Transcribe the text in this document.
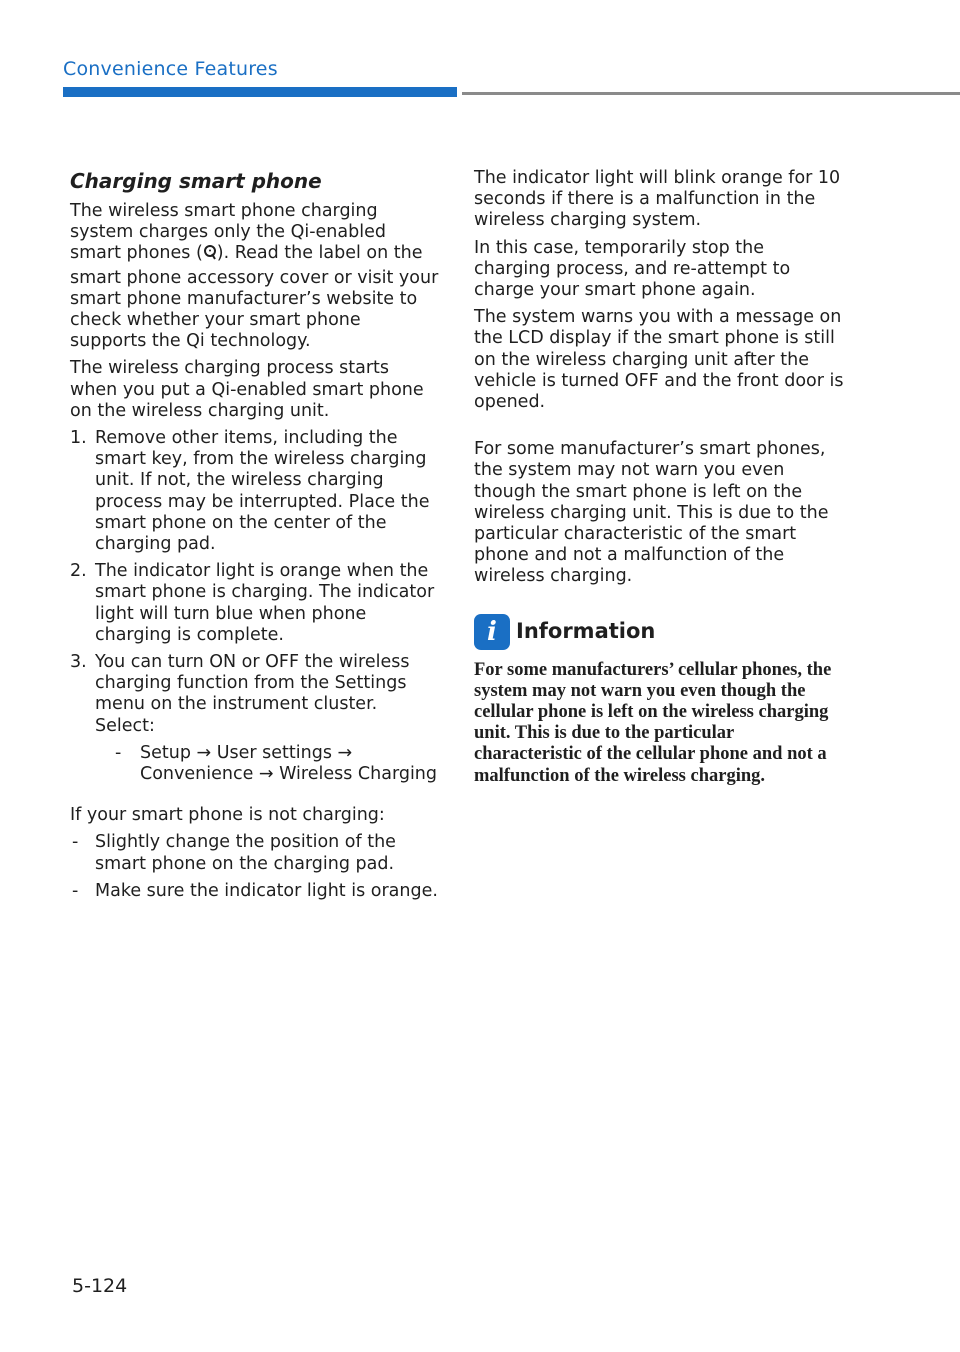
Convenience Features
Charging smart phone

The wireless smart phone charging system charges only the Qi-enabled smart phones ( ). Read the label on the smart phone accessory cover or visit your smart phone manufacturer’s website to check whether your smart phone supports the Qi technology.

The wireless charging process starts when you put a Qi-enabled smart phone on the wireless charging unit.

1. Remove other items, including the smart key, from the wireless charging unit. If not, the wireless charging process may be interrupted. Place the smart phone on the center of the charging pad.
2. The indicator light is orange when the smart phone is charging. The indicator light will turn blue when phone charging is complete.
3. You can turn ON or OFF the wireless charging function from the Settings menu on the instrument cluster. Select:
- Setup → User settings → Convenience → Wireless Charging

If your smart phone is not charging:

- Slightly change the position of the smart phone on the charging pad.
- Make sure the indicator light is orange.

The indicator light will blink orange for 10 seconds if there is a malfunction in the wireless charging system.

In this case, temporarily stop the charging process, and re-attempt to charge your smart phone again.

The system warns you with a message on the LCD display if the smart phone is still on the wireless charging unit after the vehicle is turned OFF and the front door is opened.

For some manufacturer’s smart phones, the system may not warn you even though the smart phone is left on the wireless charging unit. This is due to the particular characteristic of the smart phone and not a malfunction of the wireless charging.

i Information
For some manufacturers’ cellular phones, the system may not warn you even though the cellular phone is left on the wireless charging unit. This is due to the particular characteristic of the cellular phone and not a malfunction of the wireless charging.
5-124
